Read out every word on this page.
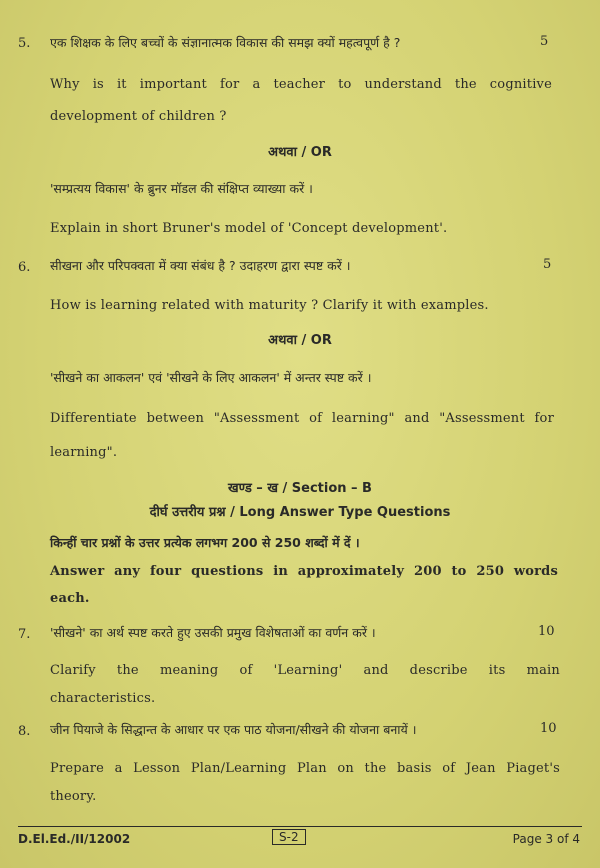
5. एक शिक्षक के लिए बच्चों के संज्ञानात्मक विकास की समझ क्यों महत्वपूर्ण है ?	5
Why is it important for a teacher to understand the cognitive
development of children ?
अथवा / OR
'सम्प्रत्यय विकास' के ब्रुनर मॉडल की संक्षिप्त व्याख्या करें ।
Explain in short Bruner's model of 'Concept development'.
6. सीखना और परिपक्वता में क्या संबंध है ? उदाहरण द्वारा स्पष्ट करें ।	5
How is learning related with maturity ? Clarify it with examples.
अथवा / OR
'सीखने का आकलन' एवं 'सीखने के लिए आकलन' में अन्तर स्पष्ट करें ।
Differentiate between "Assessment of learning" and "Assessment for
learning".
खण्ड – ख / Section – B
दीर्घ उत्तरीय प्रश्न / Long Answer Type Questions
किन्हीं चार प्रश्नों के उत्तर प्रत्येक लगभग 200 से 250 शब्दों में दें ।
Answer any four questions in approximately 200 to 250 words
each.
7. 'सीखने' का अर्थ स्पष्ट करते हुए उसकी प्रमुख विशेषताओं का वर्णन करें ।	10
Clarify the meaning of 'Learning' and describe its main
characteristics.
8. जीन पियाजे के सिद्धान्त के आधार पर एक पाठ योजना/सीखने की योजना बनायें ।	10
Prepare a Lesson Plan/Learning Plan on the basis of Jean Piaget's
theory.
D.El.Ed./II/12002	S-2	Page 3 of 4
